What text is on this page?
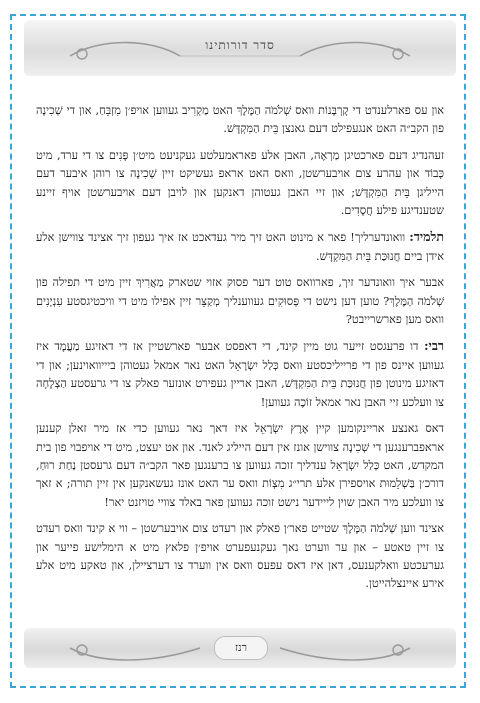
סדר דורותינו

און עס פארלענדט די קָרְבָּנוֹת וואס שְׁלֹמֹה הַמֶּלֶךְ האט מַקְרִיב געווען אויפ׳ן מִזְבֵּחַ, און די שְׁכִינָה פון הקב״ה האט אנגעפילט דעם גאנצן בֵּית הַמִּקְדָּשׁ.

זעהנדיג דעם פארכטיגן מַרְאֶה, האבן אלע פאראמעלטע געקניעט מיט׳ן פָּנִים צו די ערד, מיט כָּבוֹד און עהרע צום אויבערשטן, וואס האט אראפ געשיקט זיין שְׁכִינָה צו רוהן איבער דעם הייליגן בֵּית הַמִּקְדָּשׁ; און זיי האבן געטוהן דאנקען און לויבן דעם אויבערשטן אויף זיינע שטענדיגע פילע חֲסָדִים.

תלמיד: וואונדערליך! פאר א מינוט האט זיך מיר געדאכט אז איך געפון זיך אצינד צווישן אלע אידן ביים חֲנוּכַּת בֵּית הַמִּקְדָּשׁ.

אבער איך וואונדער זיך, פארוואס טוט דער פסוק אזוי שטארק מַאֲרִיךְ זיין מיט די תפילה פון שְׁלֹמֹה הַמֶּלֶךְ? טוען דען נישט די פְּסוּקִים געווענליך מְקַצֵּר זיין אפילו מיט די וויכטיגסטע עִנְיָנִים וואס מען פארשרייבט?

רבי: דו פרעגסט זייער גוט מיין קינד, די דאפסט אבער פארשטיין אז די דאזיגע מַעֲמָד איז געווען איינס פון די פרייליכסטע וואס כְּלַל יִשְׂרָאֵל האט נאר אמאל געטוהן ביייוואוינען; און די דאזיגע מינוטן פון חֲנוּכַּת בֵּית הַמִּקְדָּשׁ, האבן אריין געפירט אונזער פאלק צו די גרעסטע הַצְלָחָה צו וועלכע זיי האבן נאר אמאל זוֹכֶה געווען!

דאס גאנצע אריינקומען קיין אֶרֶץ יִשְׂרָאֵל איז דאך נאר געווען כדי אז מיר זאלן קענען אראפברענגען די שְׁכִינָה צווישן אונז אין דעם הייליג לאנד. און אט יעצט, מיט די אויפבוי פון בית המקדש, האט כְּלַל יִשְׂרָאֵל ענדליך זוכה געווען צו ברענגען פאר הקב״ה דעם גרעסטן נַחַת רוּחַ, דורכ׳ן בַּשְׁלֵמוּת אויספירן אלע תרי״ג מִצְוֹת וואס ער האט אונז געשאנקען אין זיין תורה; א זאך צו וועלכע מיר האבן שוין לייידער נישט זוכה געווען פאר באלד צוויי טויזנט יאר!

אצינד ווען שְׁלֹמֹה הַמֶּלֶךְ שטייט פאר׳ן פאלק און רעדט צום אויבערשטן – ווי א קינד וואס רעדט צו זיין טאטע – און ער ווערט נאך געקנעפערט אויפ׳ן פלאץ מיט א הימלישע פייער און גערעכטע וואלקענעס, דאן איז דאס עפעס וואס אין ווערד צו דערציילן, און טאקע מיט אלע אירע איינצלהייטן.

רנז
